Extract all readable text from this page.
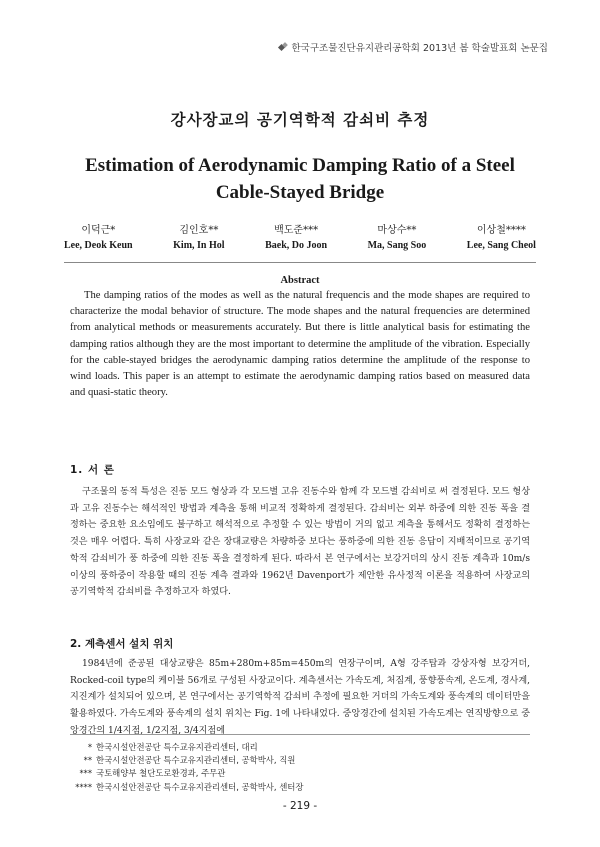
한국구조물진단유지관리공학회 2013년 봄 학술발표회 논문집
강사장교의 공기역학적 감쇠비 추정
Estimation of Aerodynamic Damping Ratio of a Steel Cable-Stayed Bridge
이덕근*
Lee, Deok Keun
김인호**
Kim, In Hol
백도준***
Baek, Do Joon
마상수**
Ma, Sang Soo
이상철****
Lee, Sang Cheol
Abstract

The damping ratios of the modes as well as the natural frequencis and the mode shapes are required to characterize the modal behavior of structure. The mode shapes and the natural frequencies are determined from analytical methods or measurements accurately. But there is little analytical basis for estimating the damping ratios although they are the most important to determine the amplitude of the vibration. Especially for the cable-stayed bridges the aerodynamic damping ratios determine the amplitude of the response to wind loads. This paper is an attempt to estimate the aerodynamic damping ratios based on measured data and quasi-static theory.

1. 서 론

구조물의 동적 특성은 진동 모드 형상과 각 모드별 고유 진동수와 함께 각 모드별 감쇠비로 써 결정된다. 모드 형상과 고유 진동수는 해석적인 방법과 계측을 통해 비교적 정확하게 결정된다. 감쇠비는 외부 하중에 의한 진동 폭을 결정하는 중요한 요소임에도 불구하고 해석적으로 추정할 수 있는 방법이 거의 없고 계측을 통해서도 정확히 결정하는 것은 매우 어렵다. 특히 사장교와 같은 장대교량은 차량하중 보다는 풍하중에 의한 진동 응답이 지배적이므로 공기역학적 감쇠비가 풍 하중에 의한 진동 폭을 결정하게 된다. 따라서 본 연구에서는 보강거더의 상시 진동 계측과 10m/s 이상의 풍하중이 작용할 때의 진동 계측 결과와 1962년 Davenport가 제안한 유사정적 이론을 적용하여 사장교의 공기역학적 감쇠비를 추정하고자 하였다.

2. 계측센서 설치 위치

1984년에 준공된 대상교량은 85m+280m+85m=450m의 연장구이며, A형 강주탑과 강상자형 보강거더, Rocked-coil type의 케이블 56개로 구성된 사장교이다. 계측센서는 가속도계, 처짐계, 풍향풍속계, 온도계, 경사계, 지진계가 설치되어 있으며, 본 연구에서는 공기역학적 감쇠비 추정에 필요한 거더의 가속도계와 풍속계의 데이터만을 활용하였다. 가속도계와 풍속계의 설치 위치는 Fig. 1에 나타내었다. 중앙경간에 설치된 가속도계는 연직방향으로 중앙경간의 1/4지점, 1/2지점, 3/4지점에

* 한국시설안전공단 특수교유지관리센터, 대리
** 한국시설안전공단 특수교유지관리센터, 공학박사, 직원
*** 국토해양부 철단도로환경과, 주무관
**** 한국시설안전공단 특수교유지관리센터, 공학박사, 센터장
- 219 -
